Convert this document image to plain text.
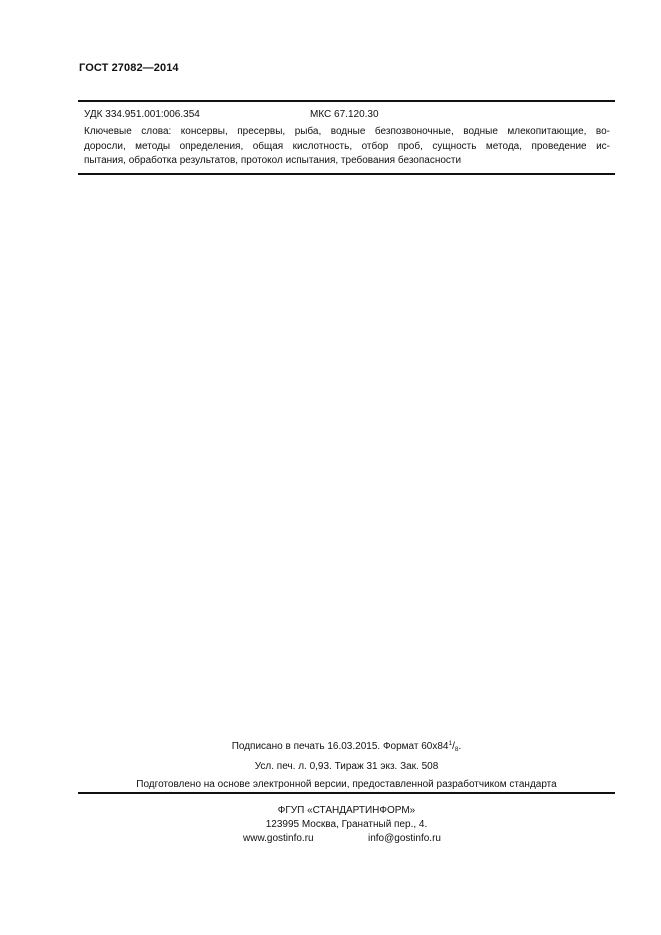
ГОСТ 27082—2014
УДК 334.951.001:006.354	МКС 67.120.30
Ключевые слова: консервы, пресервы, рыба, водные безпозвоночные, водные млекопитающие, во-
доросли, методы определения, общая кислотность, отбор проб, сущность метода, проведение ис-
пытания, обработка результатов, протокол испытания, требования безопасности
Подписано в печать 16.03.2015. Формат $60х84^1/_8$.
Усл. печ. л. 0,93. Тираж 31 экз. Зак. 508
Подготовлено на основе электронной версии, предоставленной разработчиком стандарта
ФГУП «СТАНДАРТИНФОРМ»
123995 Москва, Гранатный пер., 4.
www.gostinfo.ru	info@gostinfo.ru
